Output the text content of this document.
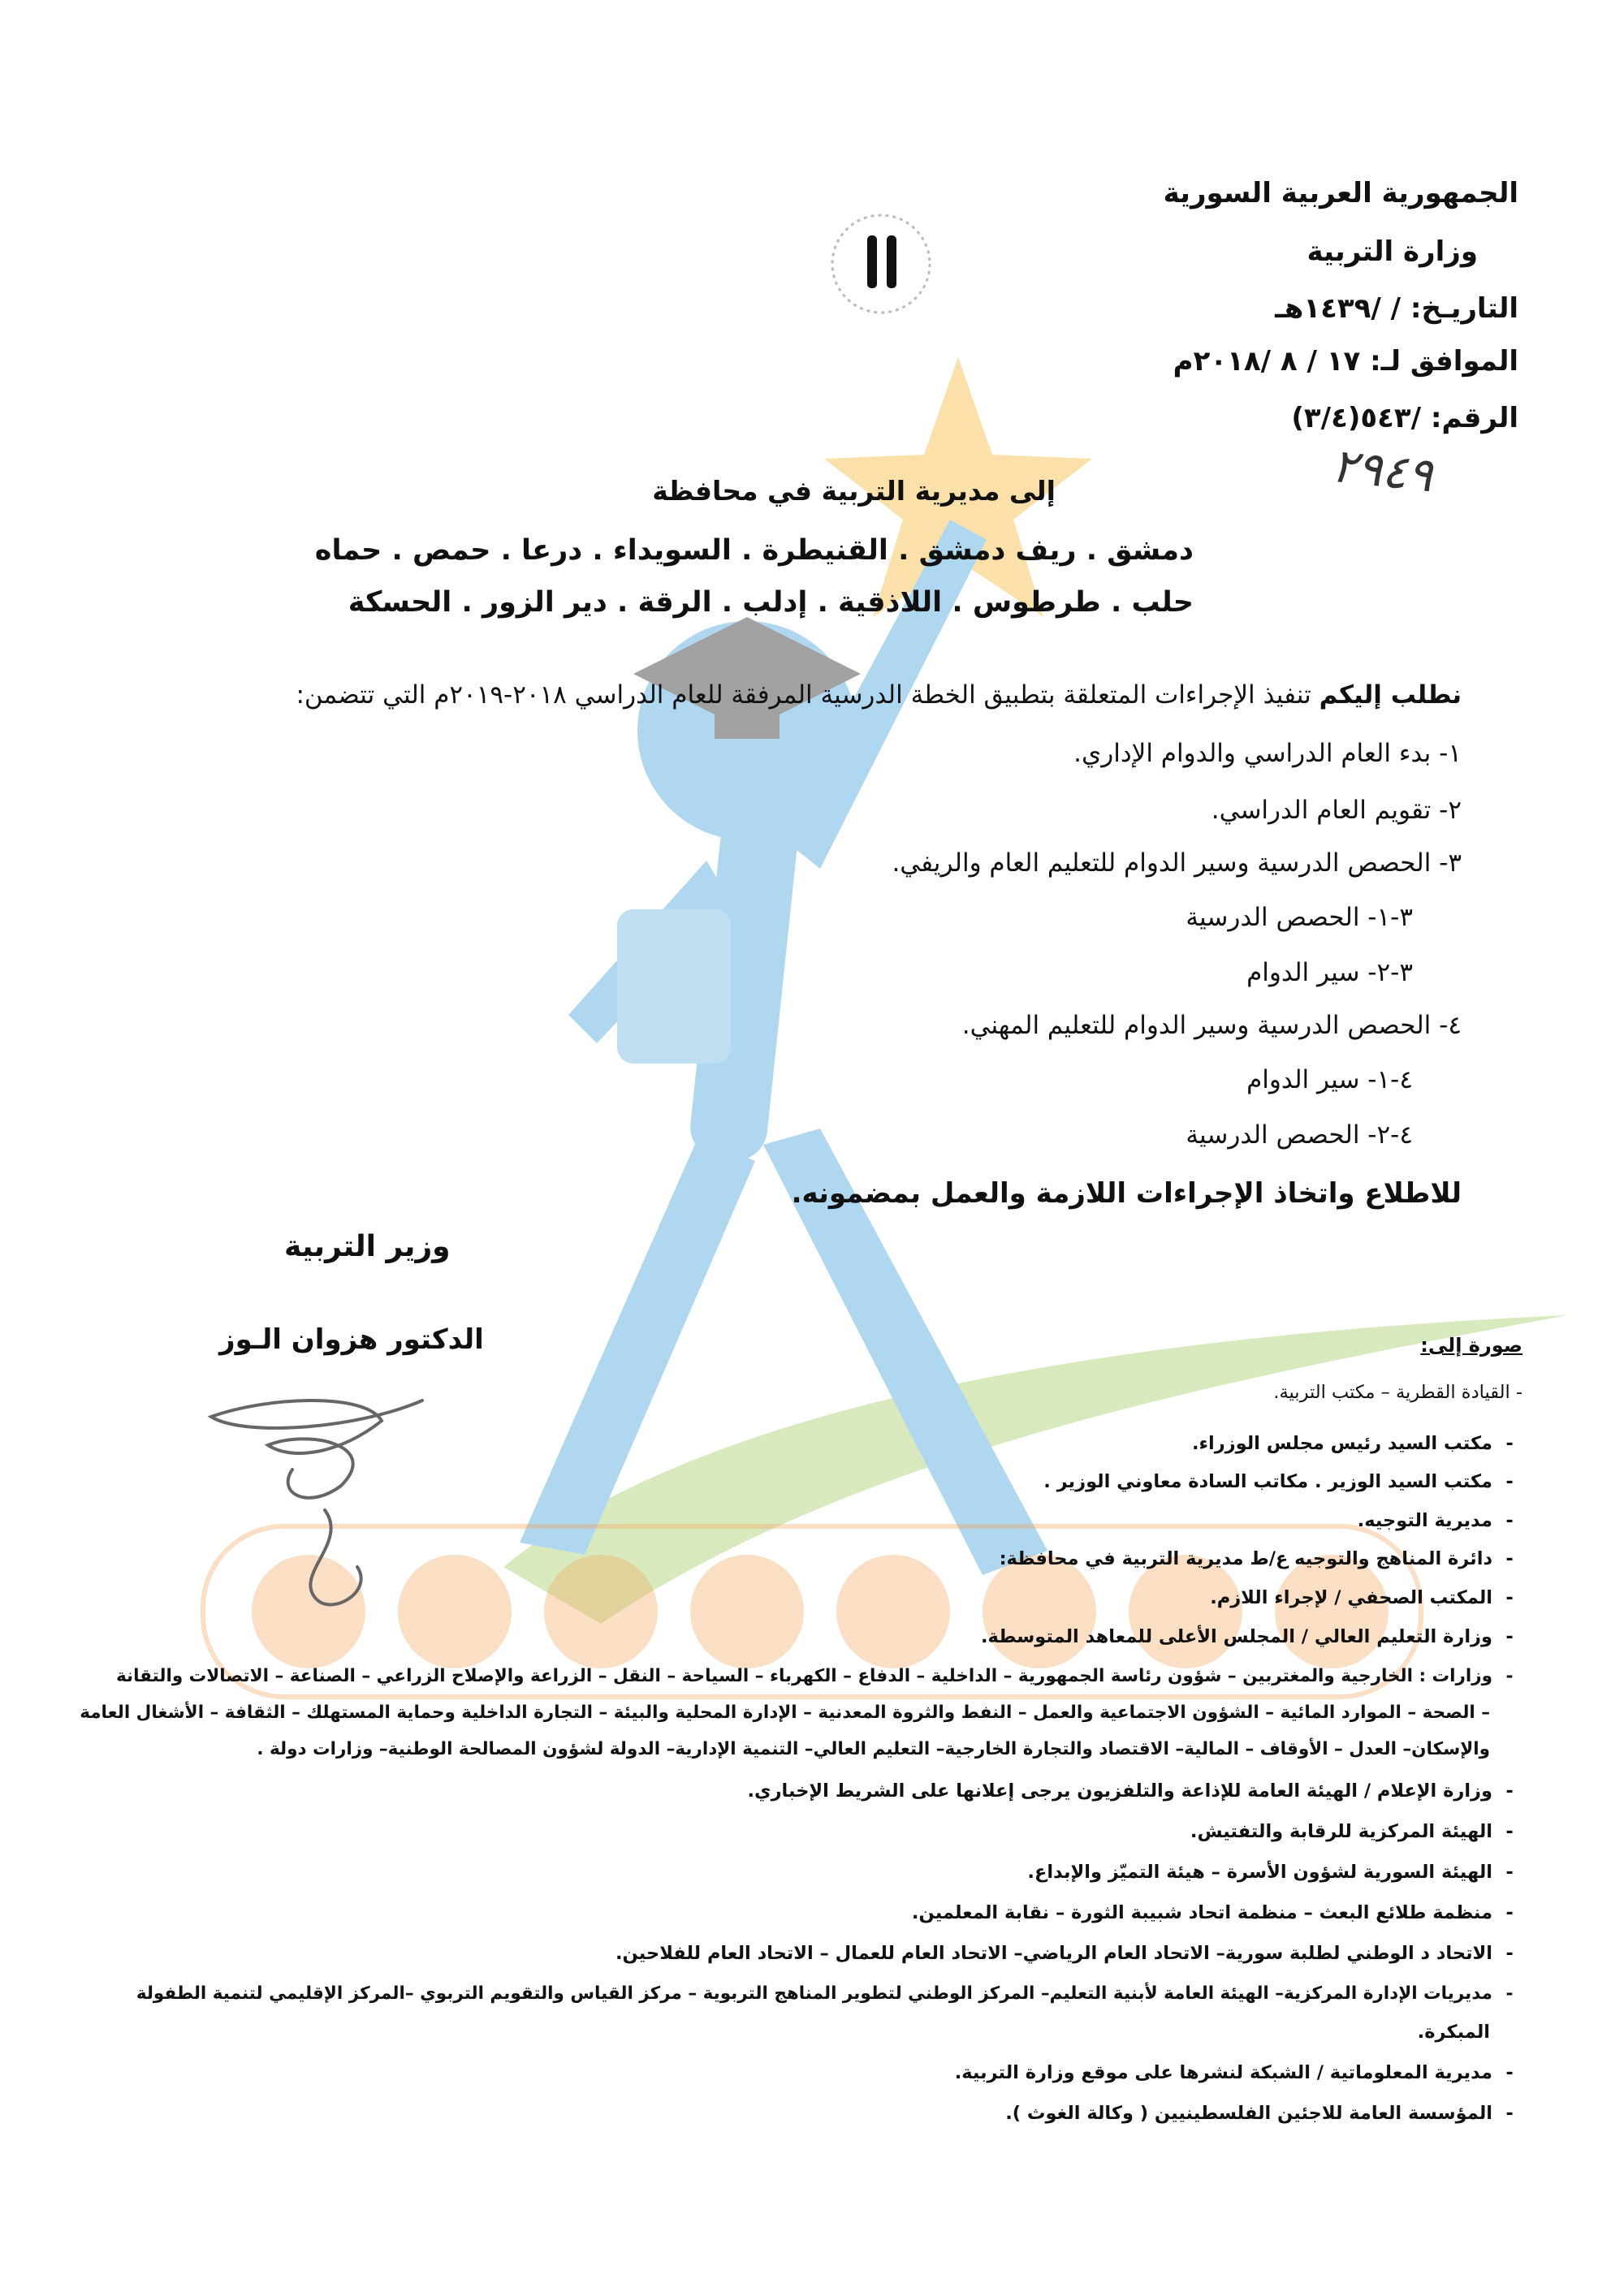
الجمهورية العربية السورية
وزارة التربية
التاريـخ: / /١٤٣٩هـ
الموافق لـ: ١٧ / ٨ /٢٠١٨م
الرقم: /٥٤٣(٣/٤)
٢٩٤٩
إلى مديرية التربية في محافظة
دمشق . ريف دمشق . القنيطرة . السويداء . درعا . حمص . حماه
حلب . طرطوس . اللاذقية . إدلب . الرقة . دير الزور . الحسكة
نطلب إليكم تنفيذ الإجراءات المتعلقة بتطبيق الخطة الدرسية المرفقة للعام الدراسي ٢٠١٨-٢٠١٩م التي تتضمن:
١- بدء العام الدراسي والدوام الإداري.
٢- تقويم العام الدراسي.
٣- الحصص الدرسية وسير الدوام للتعليم العام والريفي.
٣-١- الحصص الدرسية
٣-٢- سير الدوام
٤- الحصص الدرسية وسير الدوام للتعليم المهني.
٤-١- سير الدوام
٤-٢- الحصص الدرسية
للاطلاع واتخاذ الإجراءات اللازمة والعمل بمضمونه.
وزير التربية
الدكتور هزوان الـوز	صورة إلى:
- القيادة القطرية – مكتب التربية.
-مكتب السيد رئيس مجلس الوزراء.
-مكتب السيد الوزير . مكاتب السادة معاوني الوزير .
-مديرية التوجيه.
-دائرة المناهج والتوجيه ع/ط مديرية التربية في محافظة:
-المكتب الصحفي / لإجراء اللازم.
-وزارة التعليم العالي / المجلس الأعلى للمعاهد المتوسطة.
-وزارات : الخارجية والمغتربين – شؤون رئاسة الجمهورية – الداخلية – الدفاع – الكهرباء – السياحة – النقل – الزراعة والإصلاح الزراعي – الصناعة – الاتصالات والتقانة
– الصحة – الموارد المائية – الشؤون الاجتماعية والعمل – النفط والثروة المعدنية – الإدارة المحلية والبيئة – التجارة الداخلية وحماية المستهلك – الثقافة – الأشغال العامة
والإسكان– العدل – الأوقاف – المالية– الاقتصاد والتجارة الخارجية– التعليم العالي– التنمية الإدارية– الدولة لشؤون المصالحة الوطنية– وزارات دولة .
-وزارة الإعلام / الهيئة العامة للإذاعة والتلفزيون يرجى إعلانها على الشريط الإخباري.
-الهيئة المركزية للرقابة والتفتيش.
-الهيئة السورية لشؤون الأسرة – هيئة التميّز والإبداع.
-منظمة طلائع البعث – منظمة اتحاد شبيبة الثورة – نقابة المعلمين.
-الاتحاد د الوطني لطلبة سورية– الاتحاد العام الرياضي– الاتحاد العام للعمال – الاتحاد العام للفلاحين.
-مديريات الإدارة المركزية– الهيئة العامة لأبنية التعليم– المركز الوطني لتطوير المناهج التربوية – مركز القياس والتقويم التربوي –المركز الإقليمي لتنمية الطفولة
المبكرة.
-مديرية المعلوماتية / الشبكة لنشرها على موقع وزارة التربية.
-المؤسسة العامة للاجئين الفلسطينيين ( وكالة الغوث ).
